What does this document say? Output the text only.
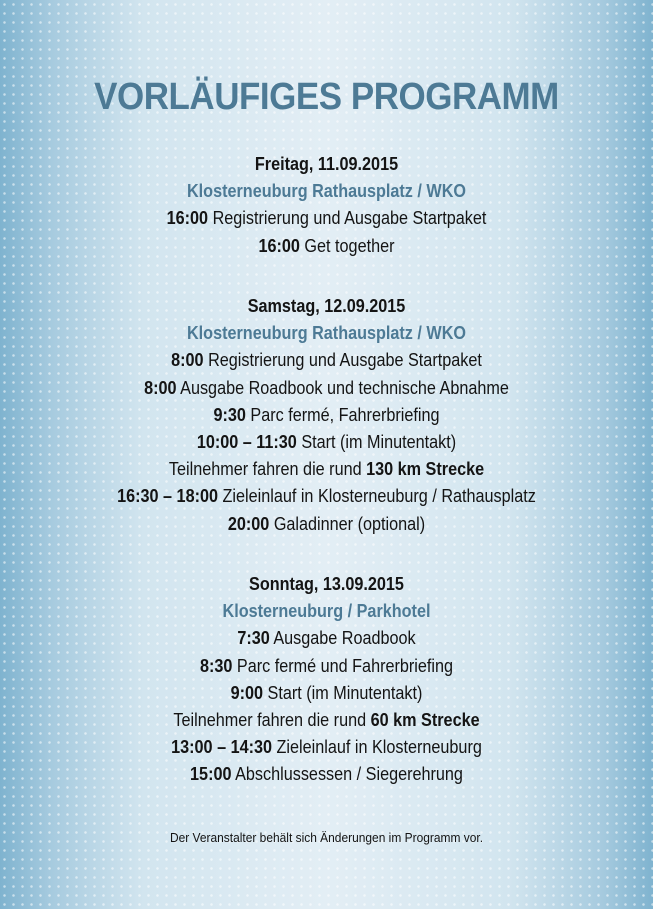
VORLÄUFIGES PROGRAMM
Freitag, 11.09.2015
Klosterneuburg Rathausplatz / WKO
16:00 Registrierung und Ausgabe Startpaket
16:00 Get together
Samstag, 12.09.2015
Klosterneuburg Rathausplatz / WKO
8:00 Registrierung und Ausgabe Startpaket
8:00 Ausgabe Roadbook und technische Abnahme
9:30 Parc fermé, Fahrerbriefing
10:00 – 11:30 Start (im Minutentakt)
Teilnehmer fahren die rund 130 km Strecke
16:30 – 18:00 Zieleinlauf in Klosterneuburg / Rathausplatz
20:00 Galadinner (optional)
Sonntag, 13.09.2015
Klosterneuburg / Parkhotel
7:30 Ausgabe Roadbook
8:30 Parc fermé und Fahrerbriefing
9:00 Start (im Minutentakt)
Teilnehmer fahren die rund 60 km Strecke
13:00 – 14:30 Zieleinlauf in Klosterneuburg
15:00 Abschlussessen / Siegerehrung
Der Veranstalter behält sich Änderungen im Programm vor.
